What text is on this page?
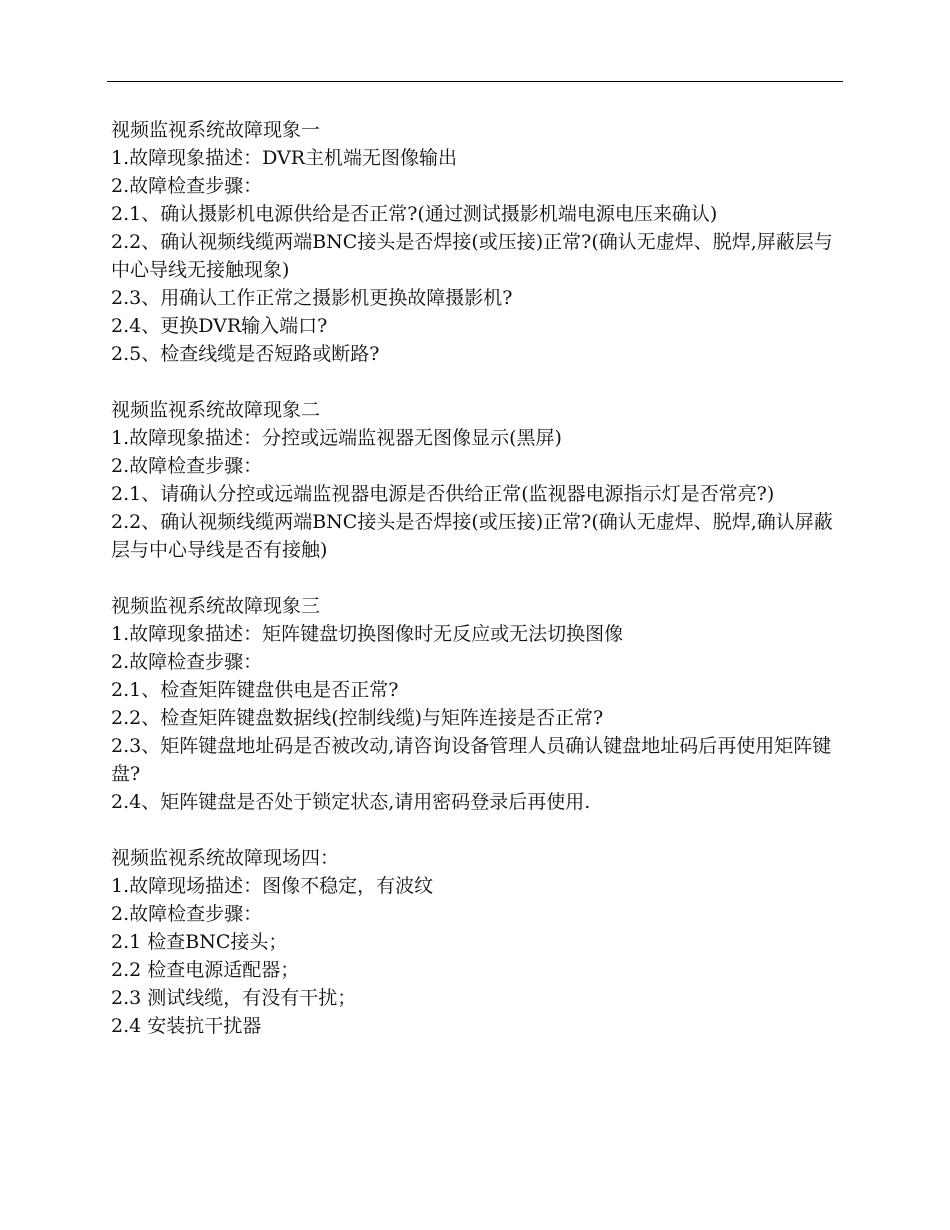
视频监视系统故障现象一
1.故障现象描述：DVR主机端无图像输出
2.故障检查步骤：
2.1、确认摄影机电源供给是否正常?(通过测试摄影机端电源电压来确认)
2.2、确认视频线缆两端BNC接头是否焊接(或压接)正常?(确认无虚焊、脱焊,屏蔽层与中心导线无接触现象)
2.3、用确认工作正常之摄影机更换故障摄影机?
2.4、更换DVR输入端口?
2.5、检查线缆是否短路或断路?
视频监视系统故障现象二
1.故障现象描述：分控或远端监视器无图像显示(黑屏)
2.故障检查步骤：
2.1、请确认分控或远端监视器电源是否供给正常(监视器电源指示灯是否常亮?)
2.2、确认视频线缆两端BNC接头是否焊接(或压接)正常?(确认无虚焊、脱焊,确认屏蔽层与中心导线是否有接触)
视频监视系统故障现象三
1.故障现象描述：矩阵键盘切换图像时无反应或无法切换图像
2.故障检查步骤：
2.1、检查矩阵键盘供电是否正常?
2.2、检查矩阵键盘数据线(控制线缆)与矩阵连接是否正常?
2.3、矩阵键盘地址码是否被改动,请咨询设备管理人员确认键盘地址码后再使用矩阵键盘?
2.4、矩阵键盘是否处于锁定状态,请用密码登录后再使用.
视频监视系统故障现场四：
1.故障现场描述：图像不稳定，有波纹
2.故障检查步骤：
2.1 检查BNC接头；
2.2 检查电源适配器；
2.3 测试线缆，有没有干扰；
2.4 安装抗干扰器
